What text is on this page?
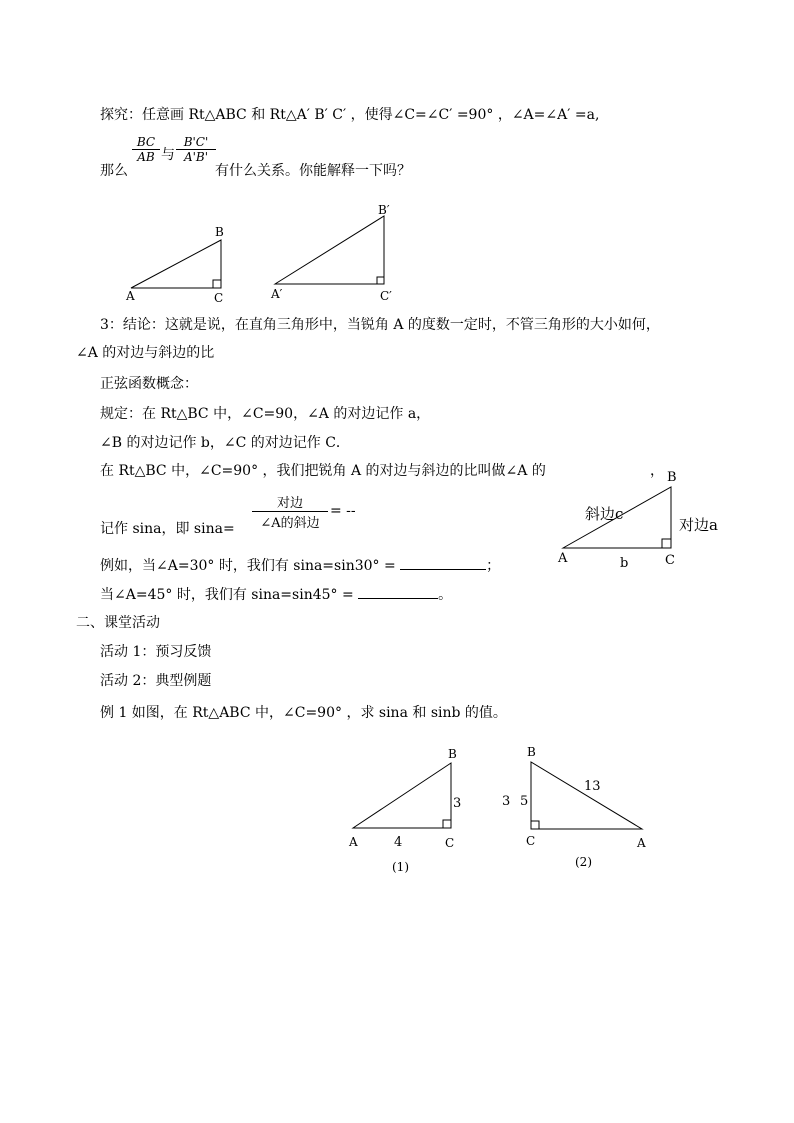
探究：任意画 Rt△ABC 和 Rt△A′ B′ C′ ，使得∠C=∠C′ =90° ，∠A=∠A′ =a,
那么
$\frac{BC}{AB}$ 与 $\frac{B'C'}{A'B'}$
有什么关系。你能解释一下吗？
3：结论：这就是说，在直角三角形中，当锐角 A 的度数一定时，不管三角形的大小如何，
∠A 的对边与斜边的比
正弦函数概念：
规定：在 Rt△BC 中，∠C=90，∠A 的对边记作 a，
∠B 的对边记作 b，∠C 的对边记作 C．
在 Rt△BC 中，∠C=90° ，我们把锐角 A 的对边与斜边的比叫做∠A 的	，
记作 sina，即 sina=
对边
∠A的斜边
= --
例如，当∠A=30° 时，我们有 sina=sin30° =	；
当∠A=45° 时，我们有 sina=sin45° =	。
二、课堂活动
活动 1：预习反馈
活动 2：典型例题
例 1 如图，在 Rt△ABC 中，∠C=90° ，求 sina 和 sinb 的值。
A
B
C	A′
B′
C′
A
B
C
斜边c
对边a
b
A
B
C
3
4
(1)
B
C	A
3 5
13
(2)
